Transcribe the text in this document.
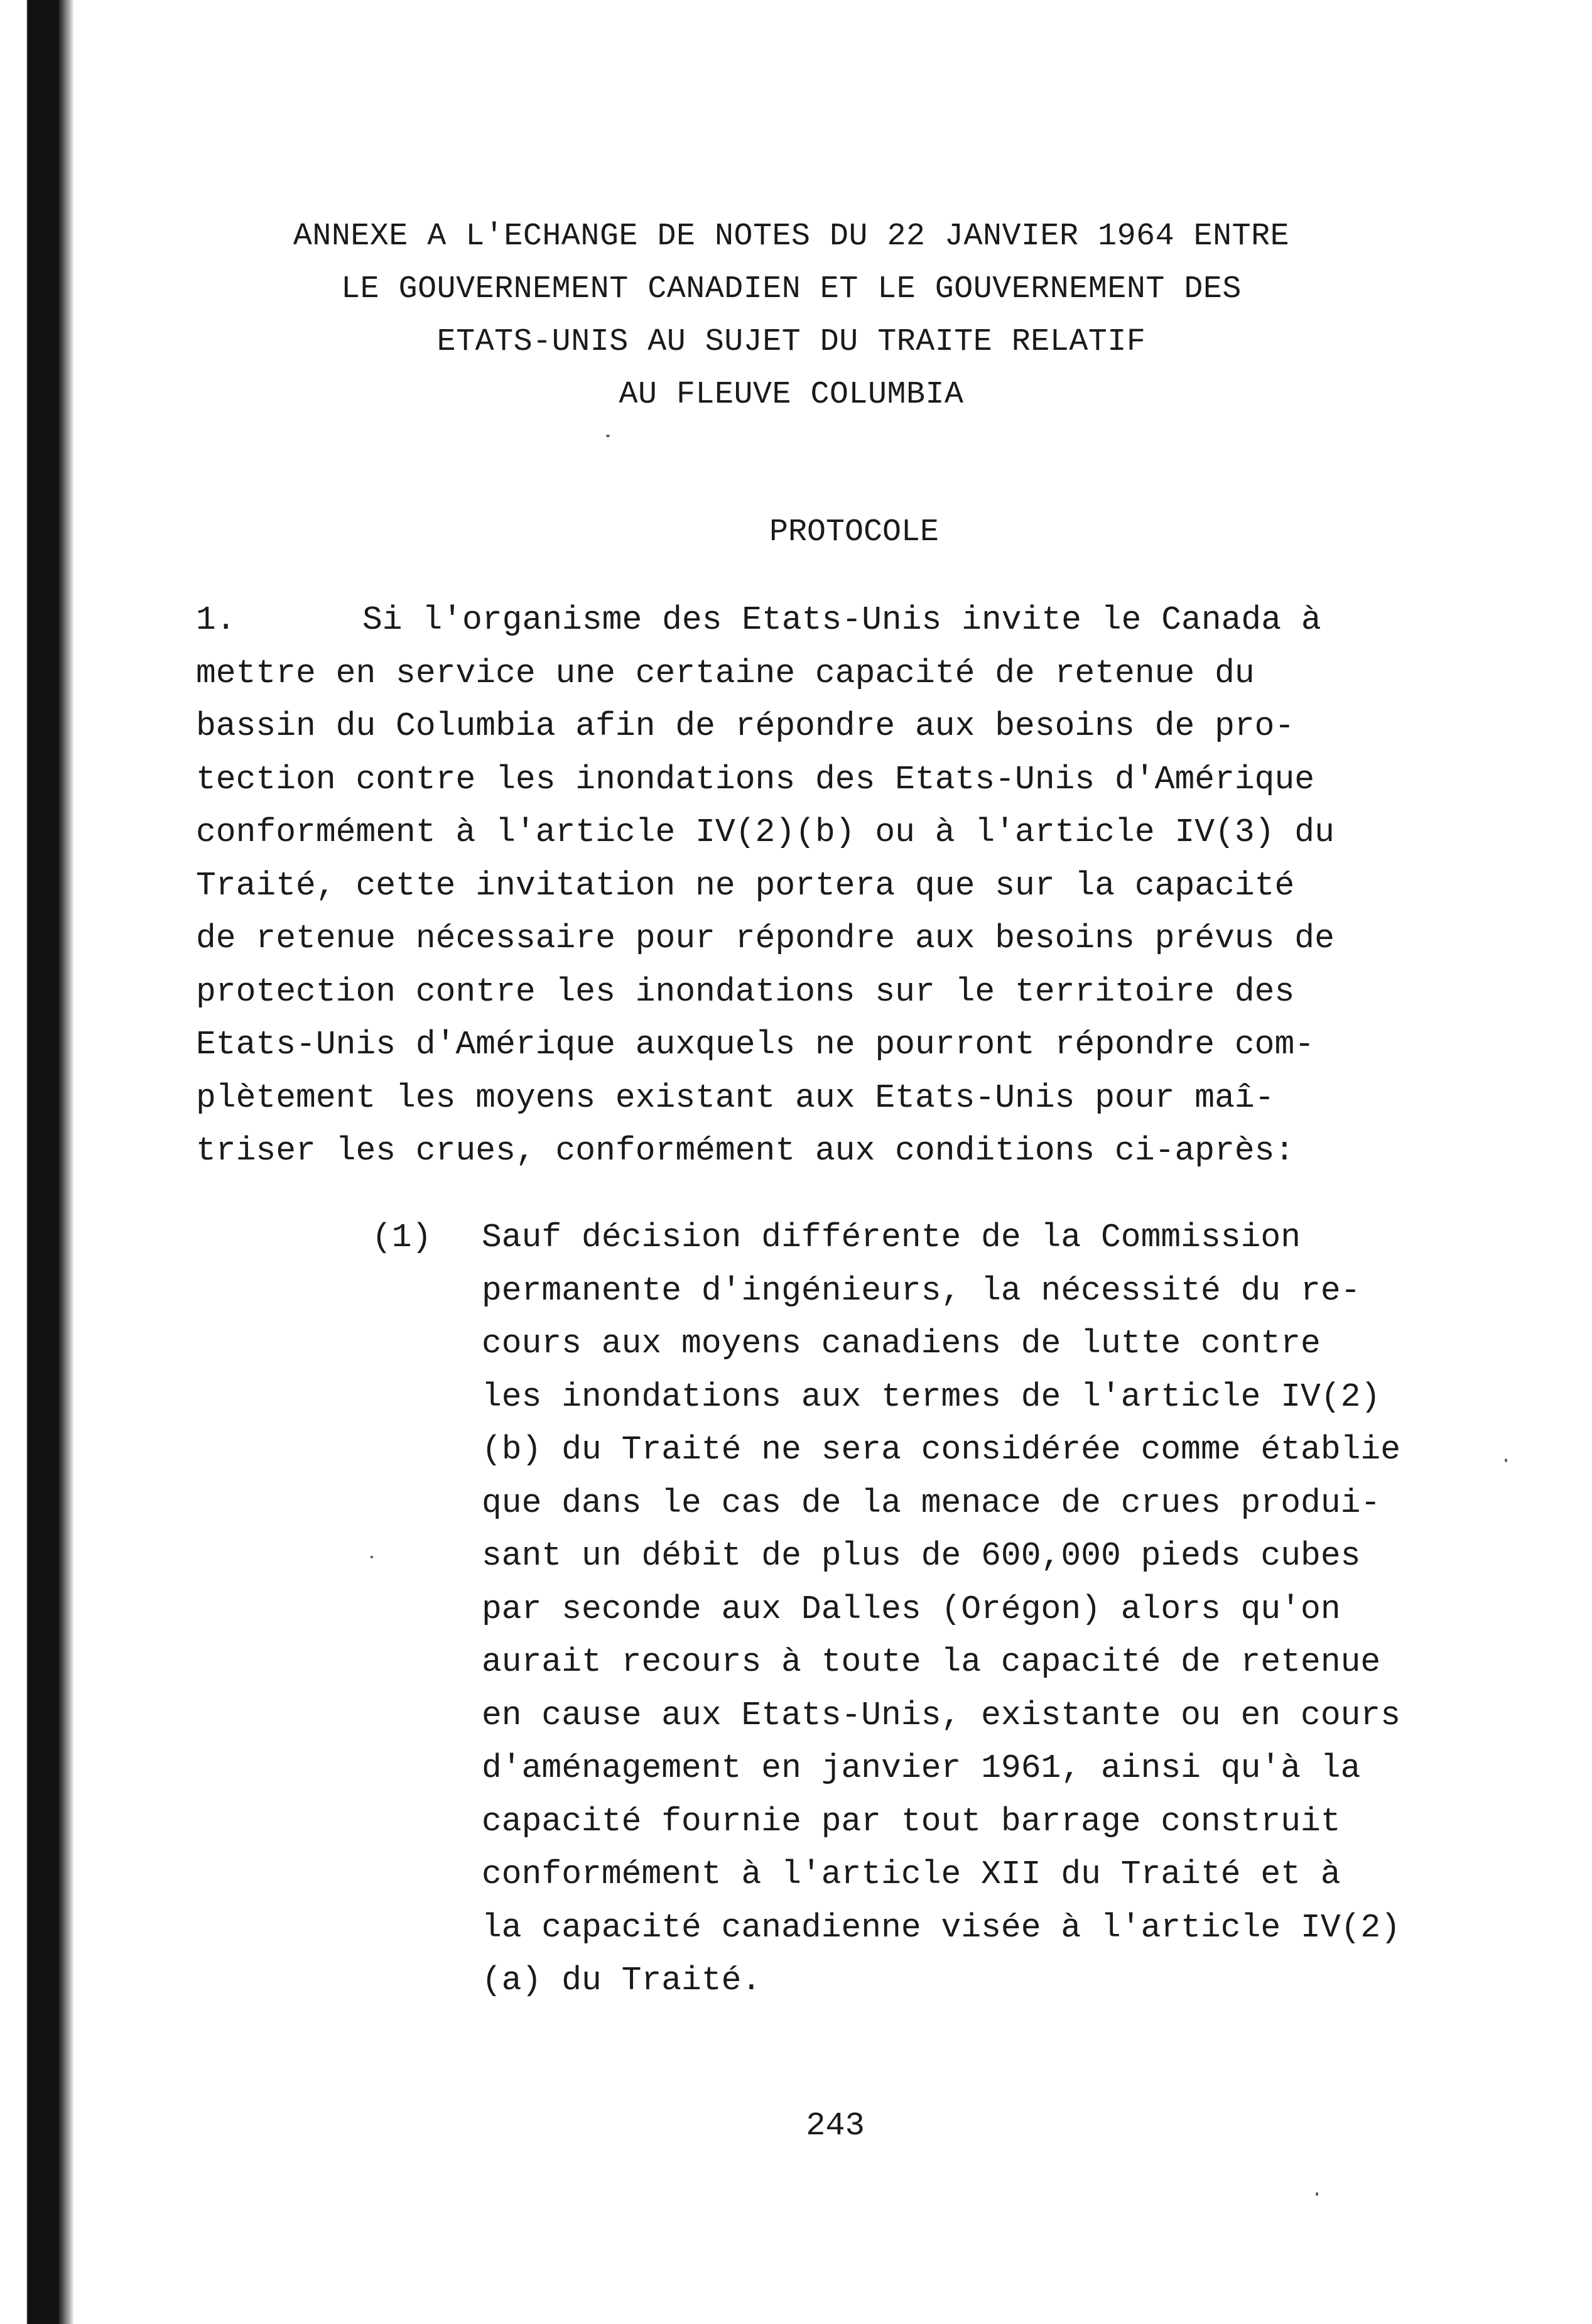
ANNEXE A L'ECHANGE DE NOTES DU 22 JANVIER 1964 ENTRE
LE GOUVERNEMENT CANADIEN ET LE GOUVERNEMENT DES
ETATS-UNIS AU SUJET DU TRAITE RELATIF
AU FLEUVE COLUMBIA
PROTOCOLE
1.	Si l'organisme des Etats-Unis invite le Canada à
mettre en service une certaine capacité de retenue du
bassin du Columbia afin de répondre aux besoins de pro-
tection contre les inondations des Etats-Unis d'Amérique
conformément à l'article IV(2)(b) ou à l'article IV(3) du
Traité, cette invitation ne portera que sur la capacité
de retenue nécessaire pour répondre aux besoins prévus de
protection contre les inondations sur le territoire des
Etats-Unis d'Amérique auxquels ne pourront répondre com-
plètement les moyens existant aux Etats-Unis pour maî-
triser les crues, conformément aux conditions ci-après:
(1) Sauf décision différente de la Commission
permanente d'ingénieurs, la nécessité du re-
cours aux moyens canadiens de lutte contre
les inondations aux termes de l'article IV(2)
(b) du Traité ne sera considérée comme établie
que dans le cas de la menace de crues produi-
sant un débit de plus de 600,000 pieds cubes
par seconde aux Dalles (Orégon) alors qu'on
aurait recours à toute la capacité de retenue
en cause aux Etats-Unis, existante ou en cours
d'aménagement en janvier 1961, ainsi qu'à la
capacité fournie par tout barrage construit
conformément à l'article XII du Traité et à
la capacité canadienne visée à l'article IV(2)
(a) du Traité.
243
